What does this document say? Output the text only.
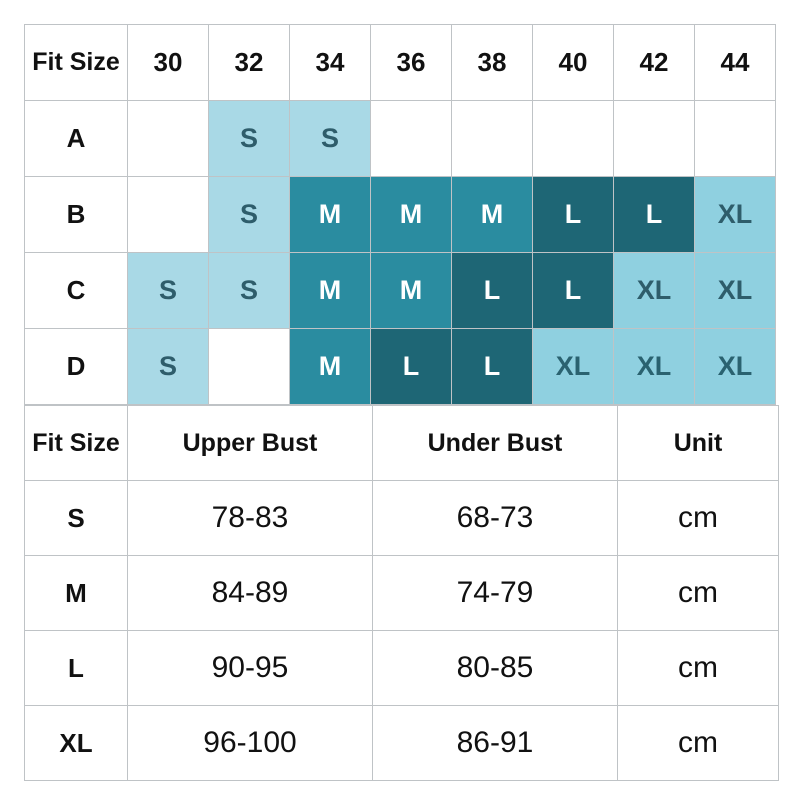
Fit Size	30	32	34	36	38	40	42	44
A		S	S					
B		S	M	M	M	L	L	XL
C	S	S	M	M	L	L	XL	XL
D	S		M	L	L	XL	XL	XL
Fit Size	Upper Bust	Under Bust	Unit
S	78-83	68-73	cm
M	84-89	74-79	cm
L	90-95	80-85	cm
XL	96-100	86-91	cm
